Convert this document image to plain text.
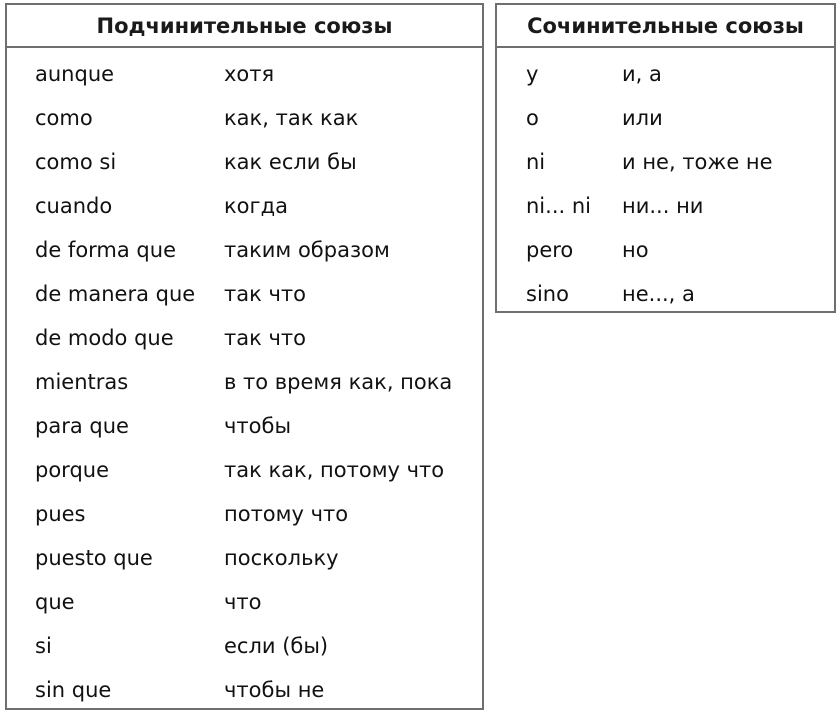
Подчинительные союзы
aunque	хотя
como	как, так как
como si	как если бы
cuando	когда
de forma que таким образом
de manera que так что
de modo que так что
mientras	в то время как, пока
para que	чтобы
porque	так как, потому что
pues	потому что
puesto que	поскольку
que	что
si	если (бы)
sin que	чтобы не
Сочинительные союзы
y	и, а
o	или
ni	и не, тоже не
ni... ni ни... ни
pero но
sino	не..., а
